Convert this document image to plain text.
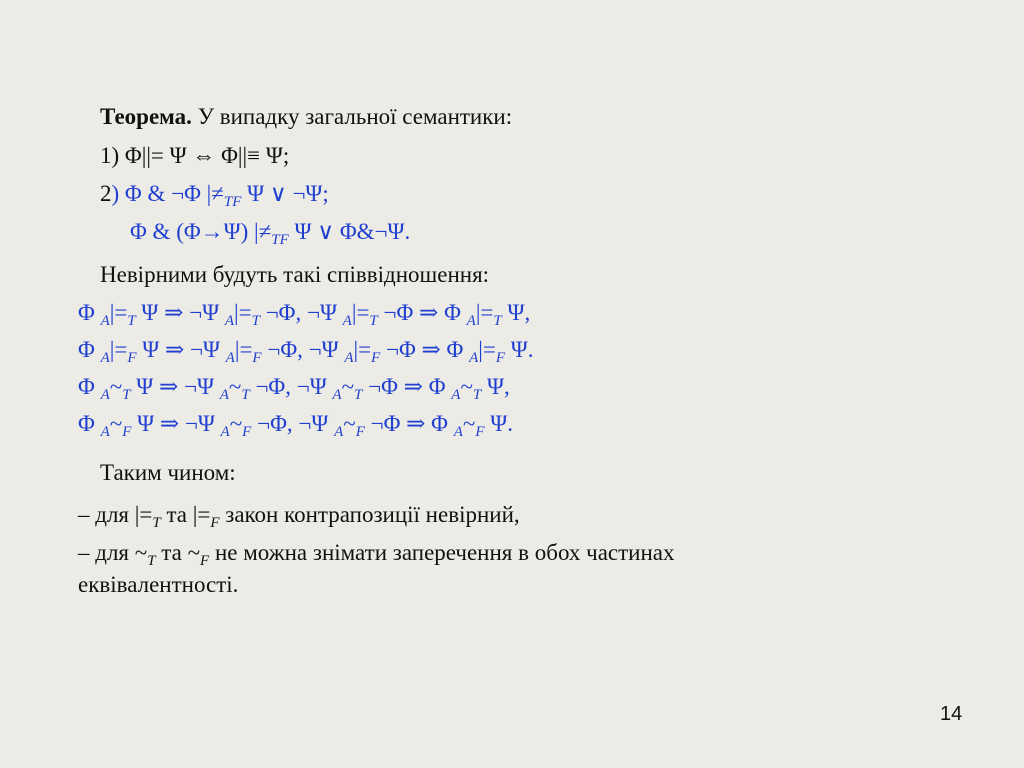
Теорема. У випадку загальної семантики:
1) Φ||= Ψ ⇔ Φ||≡ Ψ;
2) Φ & ¬Φ $|\ne_{TF}$ Ψ ∨ ¬Ψ;
Φ & (Φ→Ψ) $|\ne_{TF}$ Ψ ∨ Φ&¬Ψ.
Невірними будуть такі співвідношення:
Φ $_A|=_T$ Ψ ⇒ ¬Ψ $_A|=_T$ ¬Φ, ¬Ψ $_A|=_T$ ¬Φ ⇒ Φ $_A|=_T$ Ψ,
Φ $_A|=_F$ Ψ ⇒ ¬Ψ $_A|=_F$ ¬Φ, ¬Ψ $_A|=_F$ ¬Φ ⇒ Φ $_A|=_F$ Ψ.
Φ $_A\sim_T$ Ψ ⇒ ¬Ψ $_A\sim_T$ ¬Φ, ¬Ψ $_A\sim_T$ ¬Φ ⇒ Φ $_A\sim_T$ Ψ,
Φ $_A\sim_F$ Ψ ⇒ ¬Ψ $_A\sim_F$ ¬Φ, ¬Ψ $_A\sim_F$ ¬Φ ⇒ Φ $_A\sim_F$ Ψ.
Таким чином:
– для $|=_T$ та $|=_F$ закон контрапозиції невірний,
– для $\sim_T$ та $\sim_F$ не можна знімати заперечення в обох частинах
еквівалентності.
14
